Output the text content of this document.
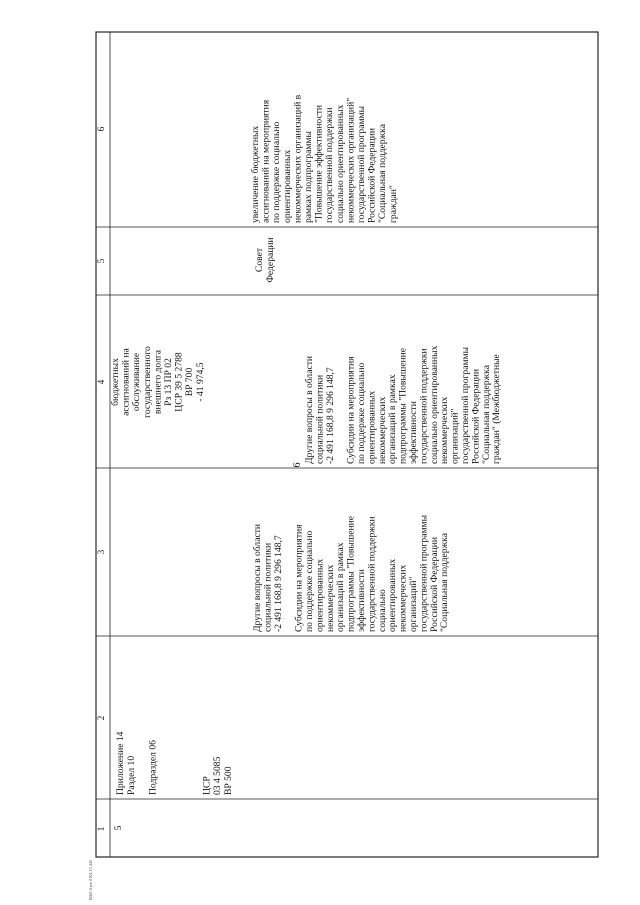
6
1
2
3
4
5
6
5
Приложение 14 Раздел 10 Подраздел 06	ЦСР 03 4 5085 ВР 500
Другие вопросы в области социальной политики -2 491 168,8 9 296 148,7 Субсидии на мероприятия по поддержке социально ориентированных некоммерческих организаций в рамках подпрограммы "Повышение эффективности государственной поддержки социально ориентированных некоммерческих организаций" государственной программы Российской Федерации "Социальная поддержка
бюджетных ассигнований на обслуживание государственного внешнего долга Рз 13 ПР 02 ЦСР 39 5 2788 ВР 700 - 41 974,5	Другие вопросы в области социальной политики -2 491 168,8 9 296 148,7 Субсидии на мероприятия по поддержке социально ориентированных некоммерческих организаций в рамках подпрограммы "Повышение эффективности государственной поддержки социально ориентированных некоммерческих организаций" государственной программы Российской Федерации "Социальная поддержка граждан" (Межбюджетные
Совет Федерации
увеличение бюджетных ассигнований на мероприятия по поддержке социально ориентированных некоммерческих организаций в рамках подпрограммы "Повышение эффективности государственной поддержки социально ориентированных некоммерческих организаций" государственной программы Российской Федерации "Социальная поддержка граждан"
ВАО Азек 0104 15 445
